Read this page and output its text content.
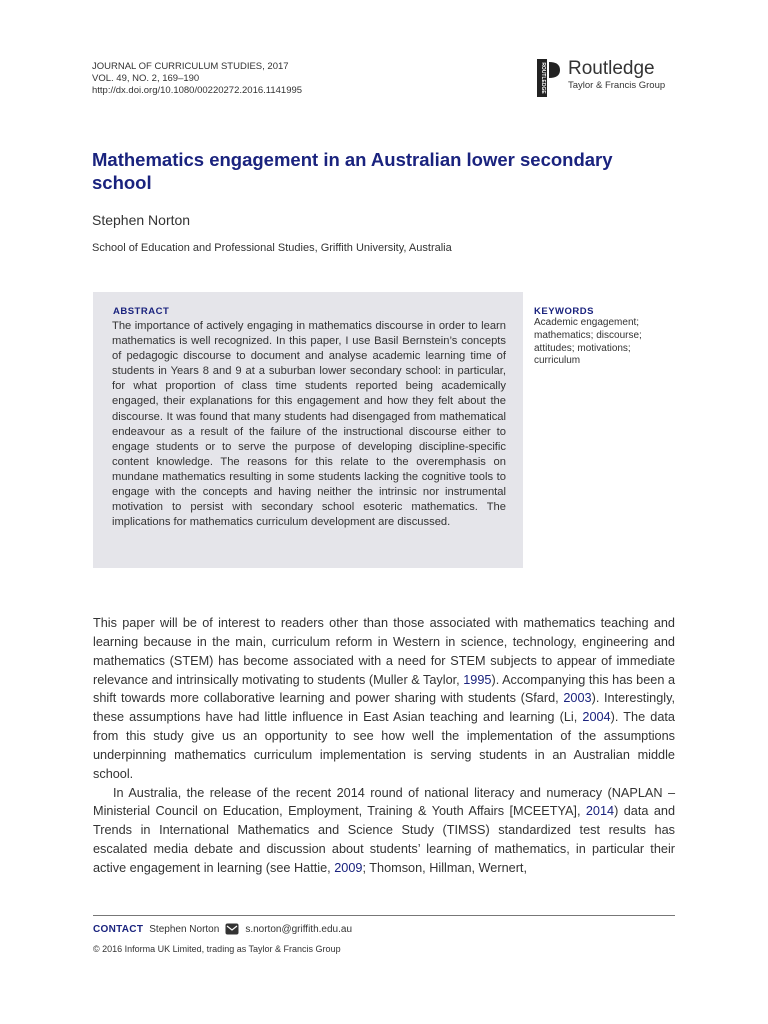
JOURNAL OF CURRICULUM STUDIES, 2017
VOL. 49, NO. 2, 169–190
http://dx.doi.org/10.1080/00220272.2016.1141995	ROUTLEDGE Routledge
Taylor & Francis Group
Mathematics engagement in an Australian lower secondary school
Stephen Norton
School of Education and Professional Studies, Griffith University, Australia
ABSTRACT

The importance of actively engaging in mathematics discourse in order to learn mathematics is well recognized. In this paper, I use Basil Bernstein’s concepts of pedagogic discourse to document and analyse academic learning time of students in Years 8 and 9 at a suburban lower secondary school: in particular, for what proportion of class time students reported being academically engaged, their explanations for this engagement and how they felt about the discourse. It was found that many students had disengaged from mathematical endeavour as a result of the failure of the instructional discourse either to engage students or to serve the purpose of developing discipline-specific content knowledge. The reasons for this relate to the overemphasis on mundane mathematics resulting in some students lacking the cognitive tools to engage with the concepts and having neither the intrinsic nor instrumental motivation to persist with secondary school esoteric mathematics. The implications for mathematics curriculum development are discussed.

KEYWORDS
Academic engagement; mathematics; discourse; attitudes; motivations; curriculum

This paper will be of interest to readers other than those associated with mathematics teaching and learning because in the main, curriculum reform in Western in science, technology, engineering and mathematics (STEM) has become associated with a need for STEM subjects to appear of immediate relevance and intrinsically motivating to students (Muller & Taylor, 1995). Accompanying this has been a shift towards more collaborative learning and power sharing with students (Sfard, 2003). Interestingly, these assumptions have had little influence in East Asian teaching and learning (Li, 2004). The data from this study give us an opportunity to see how well the implementation of the assumptions underpinning mathematics curriculum implementation is serving students in an Australian middle school.

In Australia, the release of the recent 2014 round of national literacy and numeracy (NAPLAN – Ministerial Council on Education, Employment, Training & Youth Affairs [MCEETYA], 2014) data and Trends in International Mathematics and Science Study (TIMSS) standardized test results has escalated media debate and discussion about students’ learning of mathematics, in particular their active engagement in learning (see Hattie, 2009; Thomson, Hillman, Wernert,

CONTACT Stephen Norton	s.norton@griffith.edu.au
© 2016 Informa UK Limited, trading as Taylor & Francis Group
